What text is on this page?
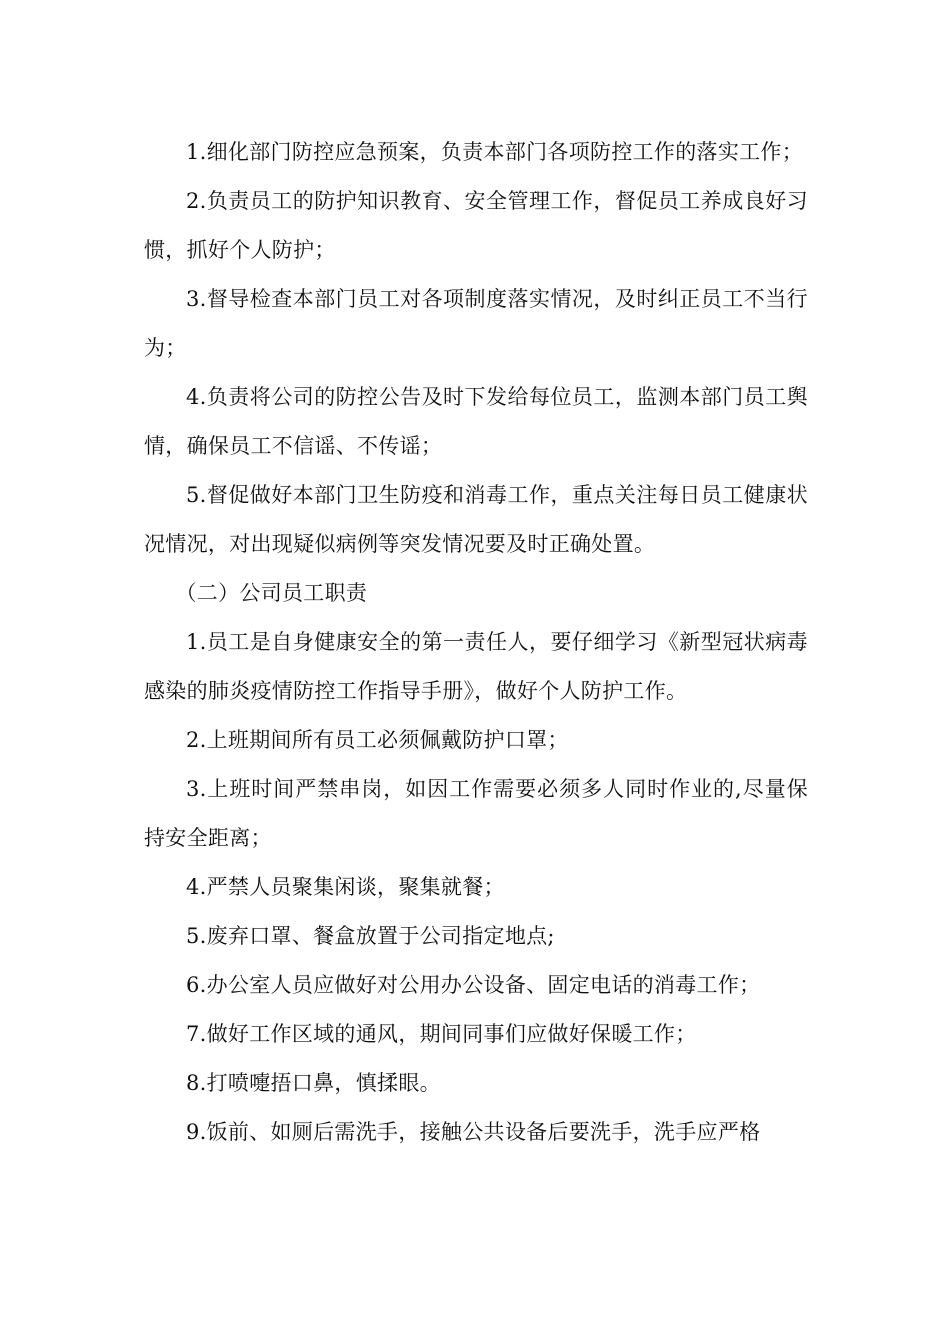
1.细化部门防控应急预案，负责本部门各项防控工作的落实工作；

2.负责员工的防护知识教育、安全管理工作，督促员工养成良好习惯，抓好个人防护；

3.督导检查本部门员工对各项制度落实情况，及时纠正员工不当行为；

4.负责将公司的防控公告及时下发给每位员工，监测本部门员工舆情，确保员工不信谣、不传谣；

5.督促做好本部门卫生防疫和消毒工作，重点关注每日员工健康状况情况，对出现疑似病例等突发情况要及时正确处置。

（二）公司员工职责

1.员工是自身健康安全的第一责任人，要仔细学习《新型冠状病毒感染的肺炎疫情防控工作指导手册》，做好个人防护工作。

2.上班期间所有员工必须佩戴防护口罩；

3.上班时间严禁串岗，如因工作需要必须多人同时作业的,尽量保持安全距离；

4.严禁人员聚集闲谈，聚集就餐；

5.废弃口罩、餐盒放置于公司指定地点;

6.办公室人员应做好对公用办公设备、固定电话的消毒工作；

7.做好工作区域的通风，期间同事们应做好保暖工作；

8.打喷嚏捂口鼻，慎揉眼。

9.饭前、如厕后需洗手，接触公共设备后要洗手，洗手应严格
